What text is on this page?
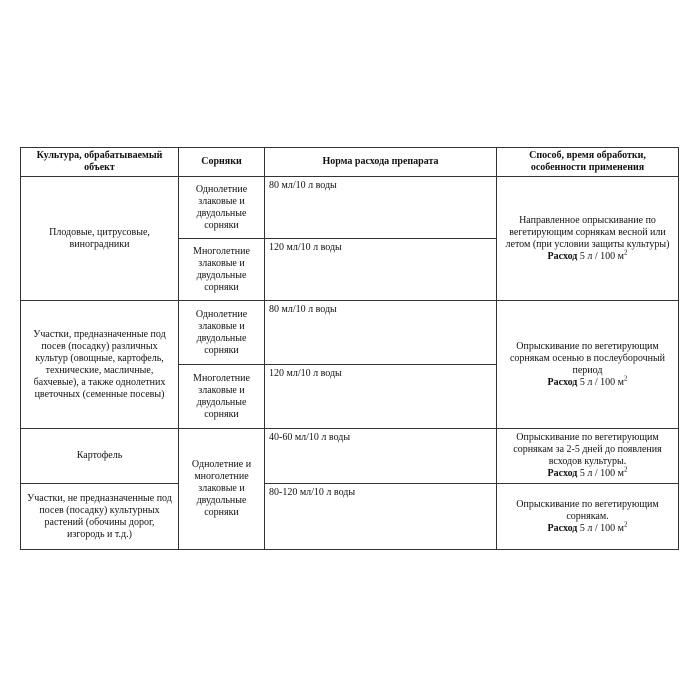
Культура, обрабатываемый объект	Сорняки	Норма расхода препарата	Способ, время обработки, особенности применения
Плодовые, цитрусовые, виноградники	Однолетние злаковые и двудольные сорняки	80 мл/10 л воды	Направленное опрыскивание по вегетирующим сорнякам весной или летом (при условии защиты культуры)
Расход 5 л / 100 $м^2$
	Многолетние злаковые и двудольные сорняки	120 мл/10 л воды	
Участки, предназначенные под посев (посадку) различных культур (овощные, картофель, технические, масличные, бахчевые), а также однолетних цветочных (семенные посевы)	Однолетние злаковые и двудольные сорняки	80 мл/10 л воды	Опрыскивание по вегетирующим сорнякам осенью в послеуборочный период
Расход 5 л / 100 $м^2$
	Многолетние злаковые и двудольные сорняки	120 мл/10 л воды	
Картофель	Однолетние и многолетние злаковые и двудольные сорняки	40-60 мл/10 л воды	Опрыскивание по вегетирующим сорнякам за 2-5 дней до появления всходов культуры.
Расход 5 л / 100 $м^2$
Участки, не предназначенные под посев (посадку) культурных растений (обочины дорог, изгородь и т.д.)		80-120 мл/10 л воды	Опрыскивание по вегетирующим сорнякам.
Расход 5 л / 100 $м^2$
